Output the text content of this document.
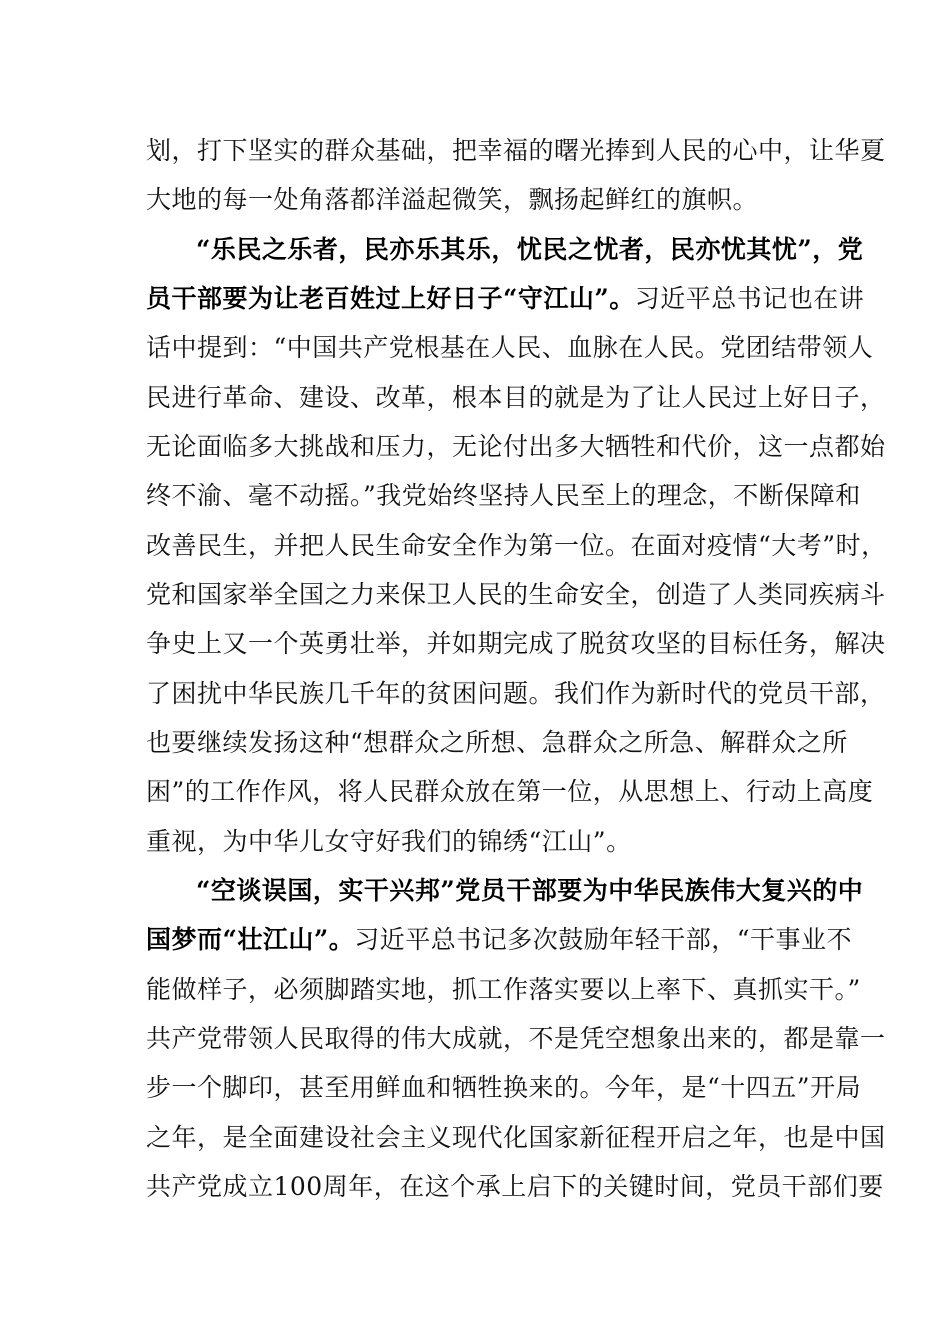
划，打下坚实的群众基础，把幸福的曙光捧到人民的心中，让华夏
大地的每一处角落都洋溢起微笑，飘扬起鲜红的旗帜。
“乐民之乐者，民亦乐其乐，忧民之忧者，民亦忧其忧”，党
员干部要为让老百姓过上好日子“守江山”。习近平总书记也在讲
话中提到：“中国共产党根基在人民、血脉在人民。党团结带领人
民进行革命、建设、改革，根本目的就是为了让人民过上好日子，
无论面临多大挑战和压力，无论付出多大牺牲和代价，这一点都始
终不渝、毫不动摇。”我党始终坚持人民至上的理念，不断保障和
改善民生，并把人民生命安全作为第一位。在面对疫情“大考”时，
党和国家举全国之力来保卫人民的生命安全，创造了人类同疾病斗
争史上又一个英勇壮举，并如期完成了脱贫攻坚的目标任务，解决
了困扰中华民族几千年的贫困问题。我们作为新时代的党员干部，
也要继续发扬这种“想群众之所想、急群众之所急、解群众之所
困”的工作作风，将人民群众放在第一位，从思想上、行动上高度
重视，为中华儿女守好我们的锦绣“江山”。
“空谈误国，实干兴邦”党员干部要为中华民族伟大复兴的中
国梦而“壮江山”。习近平总书记多次鼓励年轻干部，“干事业不
能做样子，必须脚踏实地，抓工作落实要以上率下、真抓实干。”
共产党带领人民取得的伟大成就，不是凭空想象出来的，都是靠一
步一个脚印，甚至用鲜血和牺牲换来的。今年，是“十四五”开局
之年，是全面建设社会主义现代化国家新征程开启之年，也是中国
共产党成立100周年，在这个承上启下的关键时间，党员干部们要
